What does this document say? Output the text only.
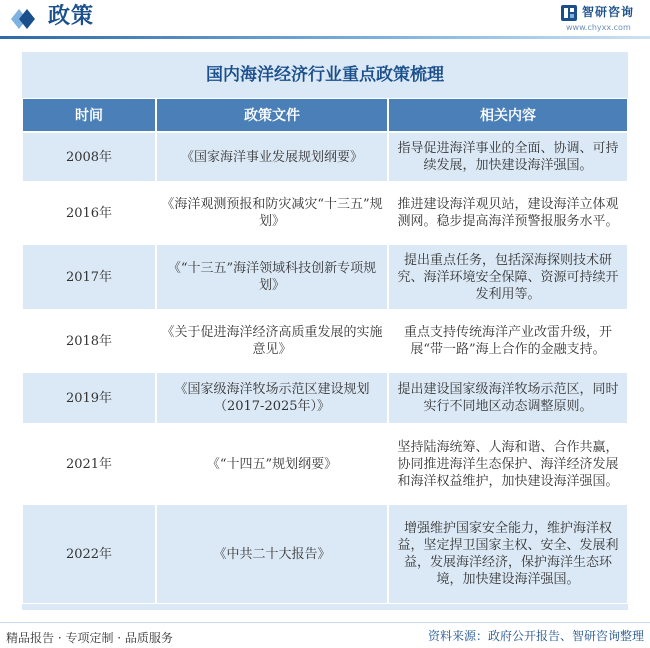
政策	智研咨询
www.chyxx.com
国内海洋经济行业重点政策梳理
时间	政策文件	相关内容
2008年	《国家海洋事业发展规划纲要》	指导促进海洋事业的全面、协调、可持续发展，加快建设海洋强国。
2016年	《海洋观测预报和防灾减灾“十三五”规划》	推进建设海洋观贝站，建设海洋立体观测网。稳步提高海洋预警报服务水平。
2017年	《“十三五”海洋领域科技创新专项规划》	提出重点任务，包括深海探则技术研究、海洋环境安全保障、资源可持续开发利用等。
2018年	《关于促进海洋经济高质重发展的实施意见》	重点支持传统海洋产业改雷升级，开展“带一路”海上合作的金融支持。
2019年	《国家级海洋牧场示范区建设规划（2017-2025年）》	提出建设国家级海洋牧场示范区，同时实行不同地区动态调整原则。
2021年	《“十四五”规划纲要》	坚持陆海统筹、人海和谐、合作共赢，协同推进海洋生态保护、海洋经济发展和海洋权益维护，加快建设海洋强国。
2022年	《中共二十大报告》	增强维护国家安全能力，维护海洋权益，坚定捍卫国家主权、安全、发展利益，发展海洋经济，保护海洋生态环境，加快建设海洋强国。
精品报告 · 专项定制 · 品质服务	资料来源：政府公开报告、智研咨询整理
